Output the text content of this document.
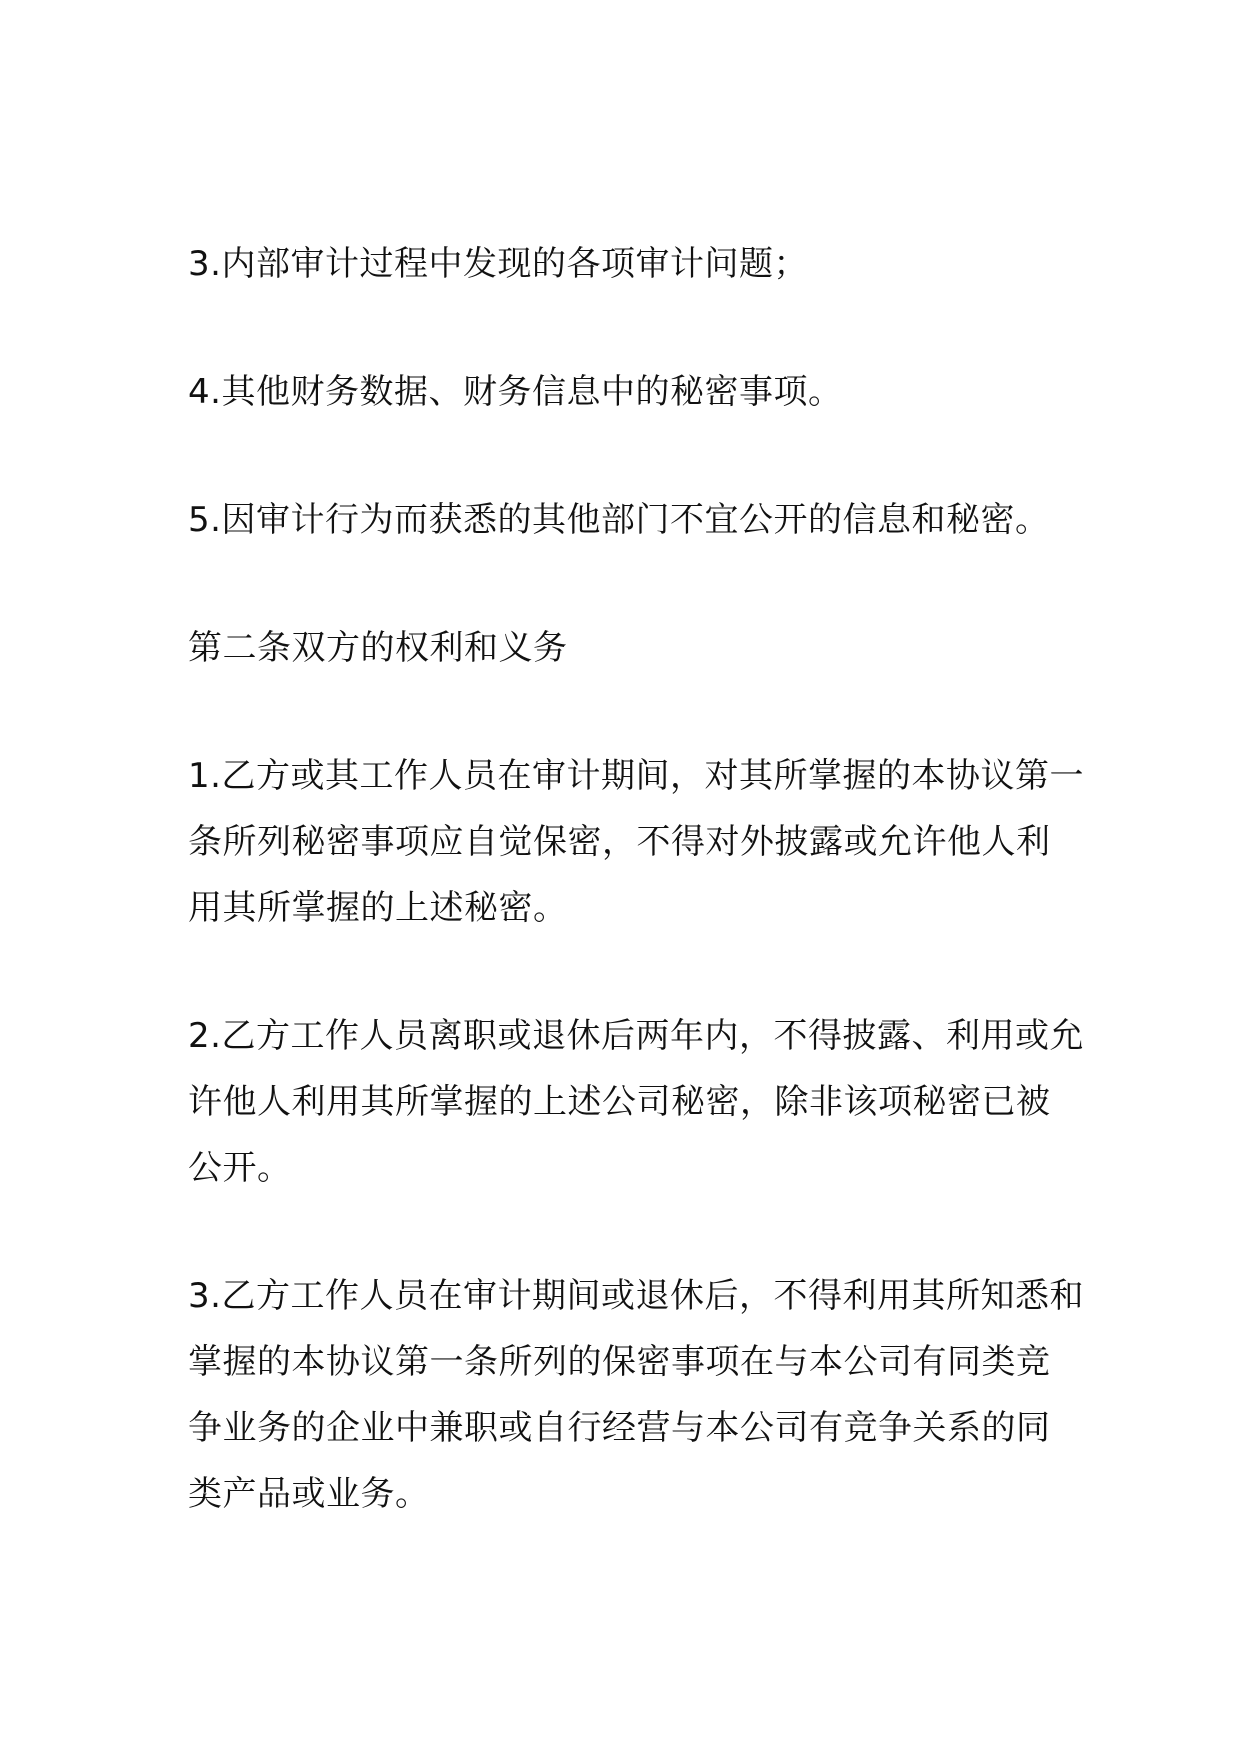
3.内部审计过程中发现的各项审计问题；

4.其他财务数据、财务信息中的秘密事项。

5.因审计行为而获悉的其他部门不宜公开的信息和秘密。

第二条双方的权利和义务

1.乙方或其工作人员在审计期间，对其所掌握的本协议第一

条所列秘密事项应自觉保密，不得对外披露或允许他人利

用其所掌握的上述秘密。

2.乙方工作人员离职或退休后两年内，不得披露、利用或允

许他人利用其所掌握的上述公司秘密，除非该项秘密已被

公开。

3.乙方工作人员在审计期间或退休后，不得利用其所知悉和

掌握的本协议第一条所列的保密事项在与本公司有同类竞

争业务的企业中兼职或自行经营与本公司有竞争关系的同

类产品或业务。
